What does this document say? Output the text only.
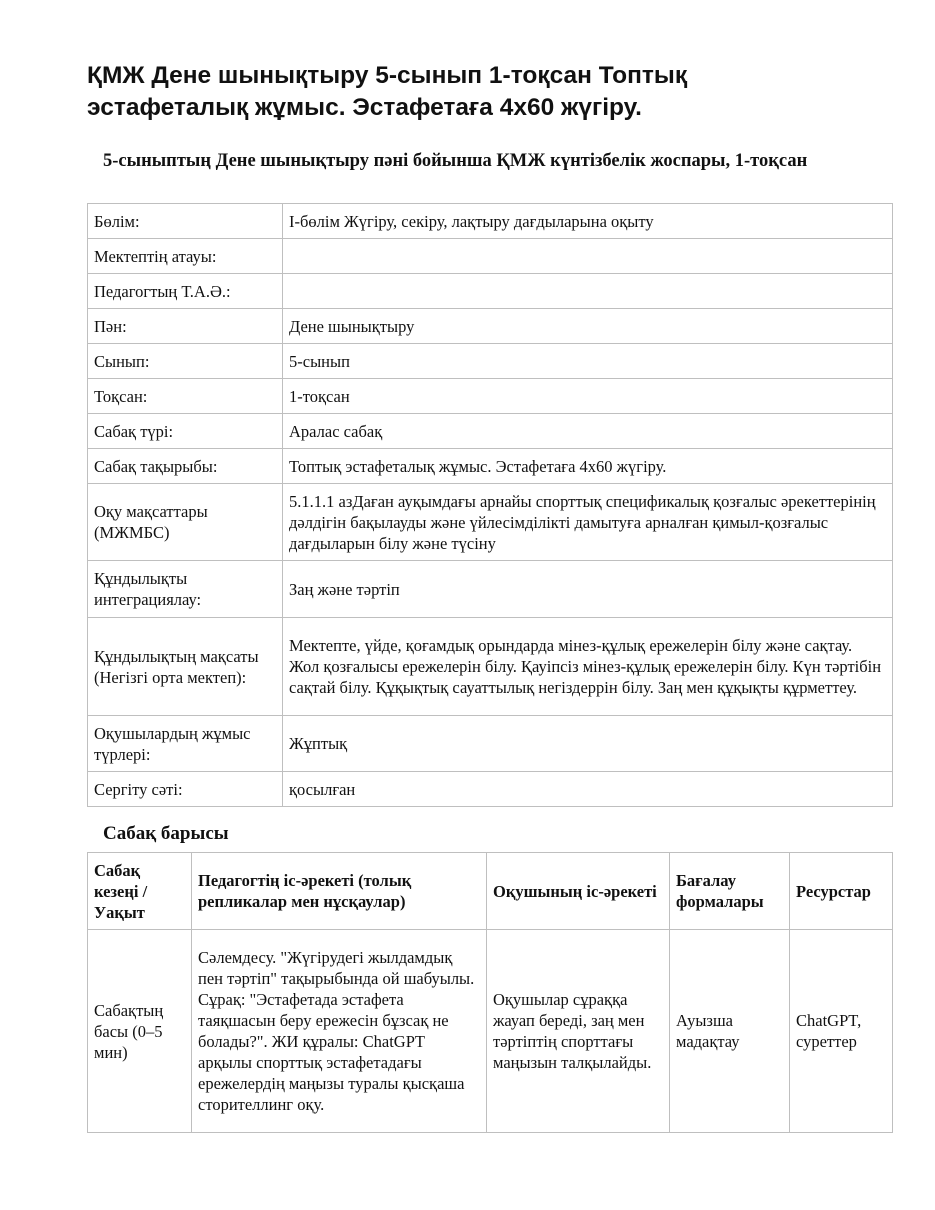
ҚМЖ Дене шынықтыру 5-сынып 1-тоқсан Топтық эстафеталық жұмыс. Эстафетаға 4x60 жүгіру.
5-сыныптың Дене шынықтыру пәні бойынша ҚМЖ күнтізбелік жоспары, 1-тоқсан
Бөлім:	I-бөлім Жүгіру, секіру, лақтыру дағдыларына оқыту
Мектептің атауы:	
Педагогтың Т.А.Ә.:	
Пән:	Дене шынықтыру
Сынып:	5-сынып
Тоқсан:	1-тоқсан
Сабақ түрі:	Аралас сабақ
Сабақ тақырыбы:	Топтық эстафеталық жұмыс. Эстафетаға 4x60 жүгіру.
Оқу мақсаттары (МЖМБС)	5.1.1.1 азДаған ауқымдағы арнайы спорттық спецификалық қозғалыс әрекеттерінің дәлдігін бақылауды және үйлесімділікті дамытуға арналған қимыл-қозғалыс дағдыларын білу және түсіну
Құндылықты интеграциялау:	Заң және тәртіп
Құндылықтың мақсаты (Негізгі орта мектеп):	Мектепте, үйде, қоғамдық орындарда мінез-құлық ережелерін білу және сақтау. Жол қозғалысы ережелерін білу. Қауіпсіз мінез-құлық ережелерін білу. Күн тәртібін сақтай білу. Құқықтық сауаттылық негіздеррін білу. Заң мен құқықты құрметтеу.
Оқушылардың жұмыс түрлері:	Жұптық
Сергіту сәті:	қосылған
Сабақ барысы
Сабақ кезеңі / Уақыт	Педагогтің іс-әрекеті (толық репликалар мен нұсқаулар)	Оқушының іс-әрекеті	Бағалау формалары	Ресурстар
Сабақтың басы (0–5 мин)	Сәлемдесу. "Жүгірудегі жылдамдық пен тәртіп" тақырыбында ой шабуылы. Сұрақ: "Эстафетада эстафета таяқшасын беру ережесін бұзсақ не болады?". ЖИ құралы: ChatGPT арқылы спорттық эстафетадағы ережелердің маңызы туралы қысқаша сторителлинг оқу.	Оқушылар сұраққа жауап береді, заң мен тәртіптің спорттағы маңызын талқылайды.	Ауызша мадақтау	ChatGPT, суреттер
